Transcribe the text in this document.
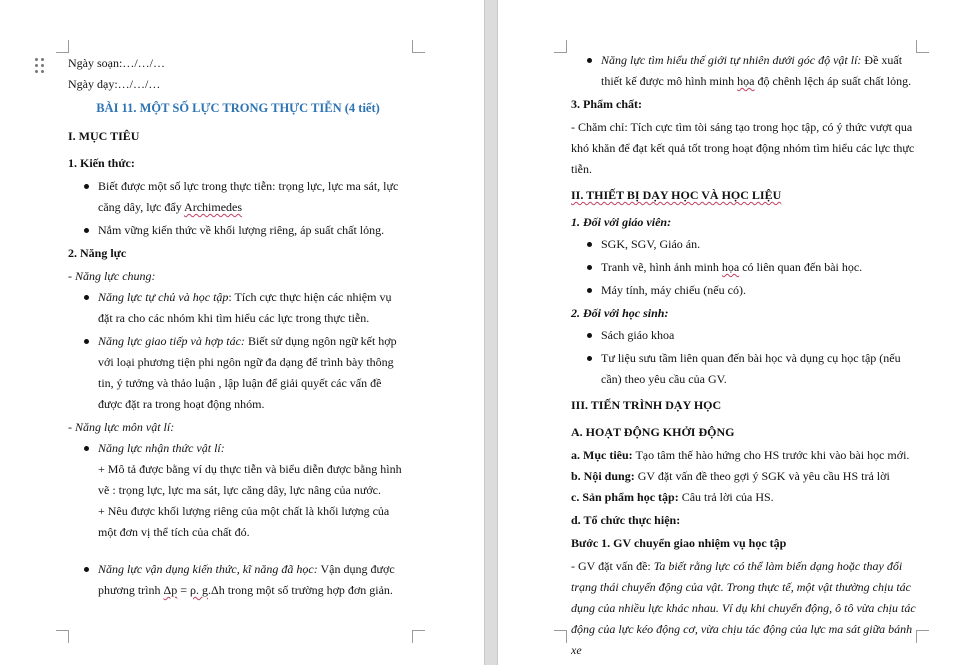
Ngày soạn:…/…/…

Ngày dạy:…/…/…

BÀI 11. MỘT SỐ LỰC TRONG THỰC TIỄN (4 tiết)

I. MỤC TIÊU

1. Kiến thức:

Biết được một số lực trong thực tiễn: trọng lực, lực ma sát, lực căng dây, lực đẩy Archimedes
Nắm vững kiến thức về khối lượng riêng, áp suất chất lỏng.

2. Năng lực

- Năng lực chung:

Năng lực tự chủ và học tập: Tích cực thực hiện các nhiệm vụ đặt ra cho các nhóm khi tìm hiểu các lực trong thực tiễn.
Năng lực giao tiếp và hợp tác: Biết sử dụng ngôn ngữ kết hợp với loại phương tiện phi ngôn ngữ đa dạng để trình bày thông tin, ý tưởng và thảo luận , lập luận để giải quyết các vấn đề được đặt ra trong hoạt động nhóm.

- Năng lực môn vật lí:

Năng lực nhận thức vật lí:
+ Mô tả được bằng ví dụ thực tiễn và biểu diễn được bằng hình vẽ : trọng lực, lực ma sát, lực căng dây, lực nâng của nước.
+ Nêu được khối lượng riêng của một chất là khối lượng của một đơn vị thể tích của chất đó.
Năng lực vận dụng kiến thức, kĩ năng đã học: Vận dụng được phương trình Δp = ρ. g.Δh trong một số trường hợp đơn giản.
Năng lực tìm hiểu thế giới tự nhiên dưới góc độ vật lí: Đề xuất thiết kế được mô hình minh họa độ chênh lệch áp suất chất lỏng.

3. Phẩm chất:

- Chăm chỉ: Tích cực tìm tòi sáng tạo trong học tập, có ý thức vượt qua khó khăn để đạt kết quả tốt trong hoạt động nhóm tìm hiểu các lực thực tiễn.

II. THIẾT BỊ DẠY HỌC VÀ HỌC LIỆU

1. Đối với giáo viên:

SGK, SGV, Giáo án.
Tranh vẽ, hình ảnh minh họa có liên quan đến bài học.
Máy tính, máy chiếu (nếu có).

2. Đối với học sinh:

Sách giáo khoa
Tư liệu sưu tầm liên quan đến bài học và dụng cụ học tập (nếu cần) theo yêu cầu của GV.

III. TIẾN TRÌNH DẠY HỌC

A. HOẠT ĐỘNG KHỞI ĐỘNG

a. Mục tiêu: Tạo tâm thế hào hứng cho HS trước khi vào bài học mới.

b. Nội dung: GV đặt vấn đề theo gợi ý SGK và yêu cầu HS trả lời

c. Sản phẩm học tập: Câu trả lời của HS.

d. Tổ chức thực hiện:

Bước 1. GV chuyển giao nhiệm vụ học tập

- GV đặt vấn đề: Ta biết rằng lực có thể làm biến dạng hoặc thay đổi trạng thái chuyển động của vật. Trong thực tế, một vật thường chịu tác dụng của nhiều lực khác nhau. Ví dụ khi chuyển động, ô tô vừa chịu tác động của lực kéo động cơ, vừa chịu tác động của lực ma sát giữa bánh xe
